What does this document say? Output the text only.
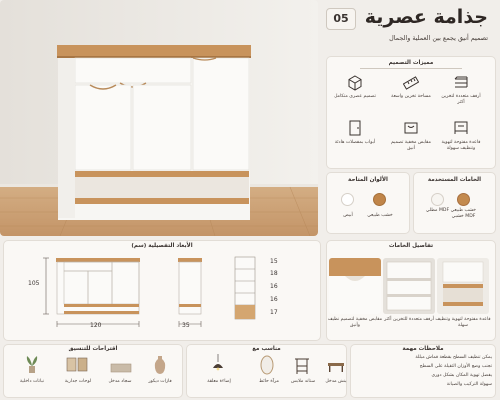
05 جذامة عصرية
تصميم أنيق يجمع بين العملية والجمال
مميزات التصميم
أرفف متعددة لتخزين أكثر
مساحة تخزين واسعة
تصميم عصري متكامل
قاعدة مفتوحة لتهوية وتنظيف سهولة
مقابض مخفية تصميم أنيق
أبواب بمفصلات هادئة
الخامات المستخدمة
الألوان المتاحة
خشب طبيعي
MDF مطلي
MDF خشبي
خشب طبيعي
أبيض
الأبعاد التفصيلية (سم)
105
120	35
15
18
16
16
17
تفاصيل الخامات
قاعدة مفتوحة لتهوية وتنظيف سهلة
أرفف متعددة للتخزين أكثر
مقابض مخفية لتصميم نظيف وأنيق
ملاحظات مهمة
يمكن تنظيف السطح بقطعة قماش مبللة
تجنب وضع الأوزان الثقيلة على السطح
يفضل تهوية المكان بشكل دوري
سهولة التركيب والصيانة
مناسب مع
بنش مدخل
ستاند ملابس
مرآة حائط
إضاءة معلقة
اقتراحات للتنسيق
فازات ديكور
سجاد مدخل
لوحات جدارية
نباتات داخلية
